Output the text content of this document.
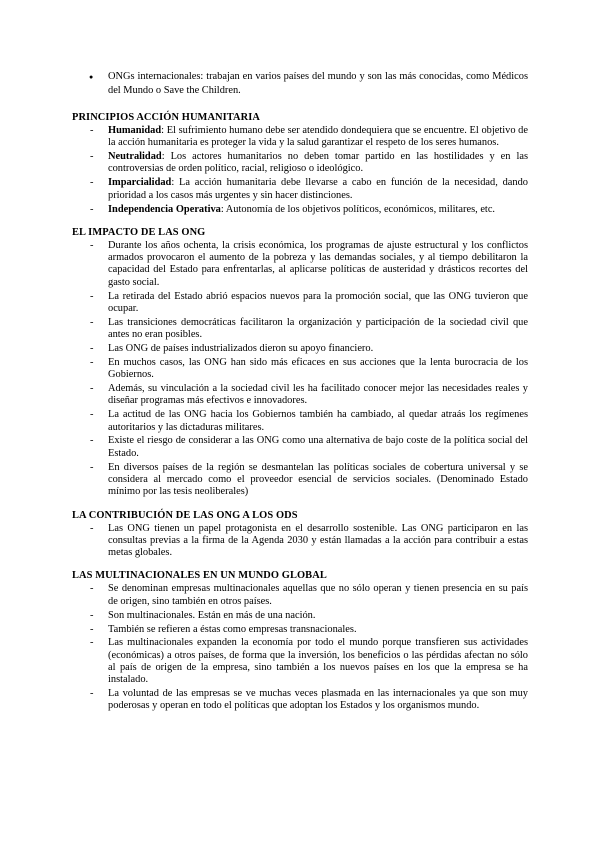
● ONGs internacionales: trabajan en varios países del mundo y son las más conocidas, como Médicos del Mundo o Save the Children.
PRINCIPIOS ACCIÓN HUMANITARIA
- Humanidad: El sufrimiento humano debe ser atendido dondequiera que se encuentre. El objetivo de la acción humanitaria es proteger la vida y la salud garantizar el respeto de los seres humanos.
- Neutralidad: Los actores humanitarios no deben tomar partido en las hostilidades y en las controversias de orden político, racial, religioso o ideológico.
- Imparcialidad: La acción humanitaria debe llevarse a cabo en función de la necesidad, dando prioridad a los casos más urgentes y sin hacer distinciones.
- Independencia Operativa: Autonomía de los objetivos políticos, económicos, militares, etc.
EL IMPACTO DE LAS ONG
- Durante los años ochenta, la crisis económica, los programas de ajuste estructural y los conflictos armados provocaron el aumento de la pobreza y las demandas sociales, y al tiempo debilitaron la capacidad del Estado para enfrentarlas, al aplicarse políticas de austeridad y drásticos recortes del gasto social.
- La retirada del Estado abrió espacios nuevos para la promoción social, que las ONG tuvieron que ocupar.
- Las transiciones democráticas facilitaron la organización y participación de la sociedad civil que antes no eran posibles.
- Las ONG de países industrializados dieron su apoyo financiero.
- En muchos casos, las ONG han sido más eficaces en sus acciones que la lenta burocracia de los Gobiernos.
- Además, su vinculación a la sociedad civil les ha facilitado conocer mejor las necesidades reales y diseñar programas más efectivos e innovadores.
- La actitud de las ONG hacia los Gobiernos también ha cambiado, al quedar atraás los regímenes autoritarios y las dictaduras militares.
- Existe el riesgo de considerar a las ONG como una alternativa de bajo coste de la política social del Estado.
- En diversos países de la región se desmantelan las políticas sociales de cobertura universal y se considera al mercado como el proveedor esencial de servicios sociales. (Denominado Estado mínimo por las tesis neoliberales)
LA CONTRIBUCIÓN DE LAS ONG A LOS ODS
- Las ONG tienen un papel protagonista en el desarrollo sostenible. Las ONG participaron en las consultas previas a la firma de la Agenda 2030 y están llamadas a la acción para contribuir a estas metas globales.
LAS MULTINACIONALES EN UN MUNDO GLOBAL
- Se denominan empresas multinacionales aquellas que no sólo operan y tienen presencia en su país de origen, sino también en otros países.
- Son multinacionales. Están en más de una nación.
- También se refieren a éstas como empresas transnacionales.
- Las multinacionales expanden la economía por todo el mundo porque transfieren sus actividades (económicas) a otros países, de forma que la inversión, los beneficios o las pérdidas afectan no sólo al país de origen de la empresa, sino también a los nuevos países en los que la empresa se ha instalado.
- La voluntad de las empresas se ve muchas veces plasmada en las internacionales ya que son muy poderosas y operan en todo el políticas que adoptan los Estados y los organismos mundo.
